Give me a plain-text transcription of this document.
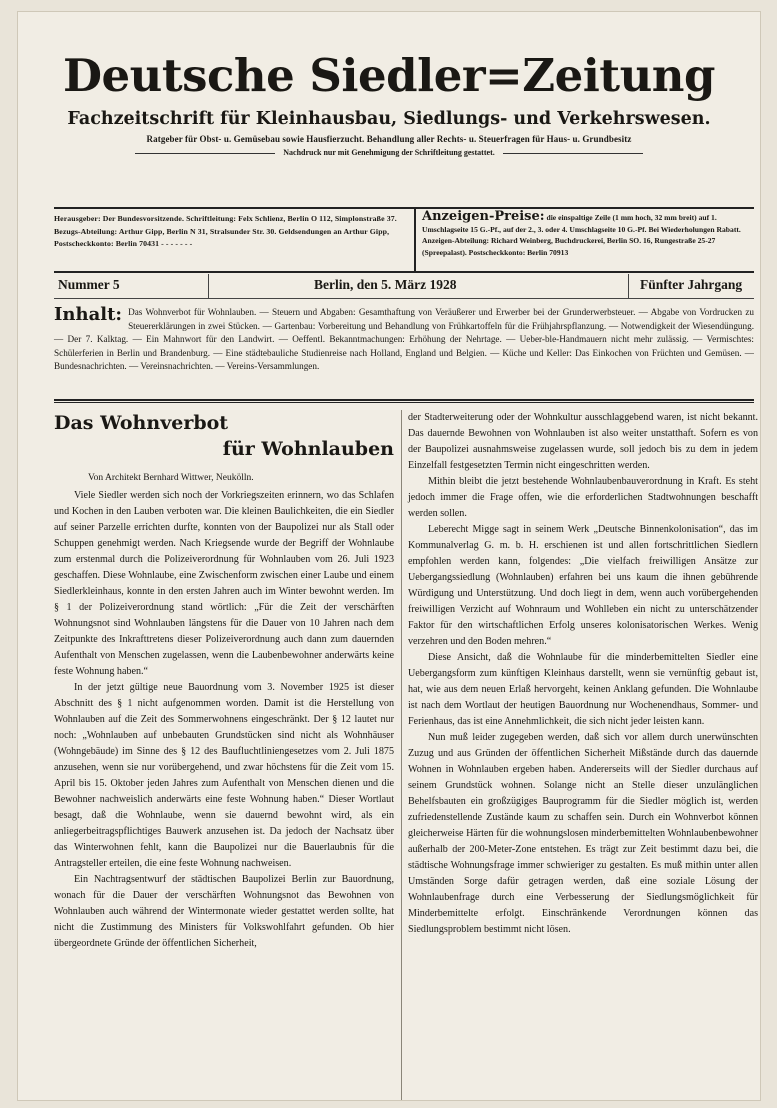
Deutsche Siedler=Zeitung
Fachzeitschrift für Kleinhausbau, Siedlungs- und Verkehrswesen.
Ratgeber für Obst- u. Gemüsebau sowie Hausfierzucht. Behandlung aller Rechts- u. Steuerfragen für Haus- u. Grundbesitz
Nachdruck nur mit Genehmigung der Schriftleitung gestattet.
Herausgeber: Der Bundesvorsitzende. Schriftleitung: Felx Schlienz, Berlin O 112, Simplonstraße 37. Bezugs-Abteilung: Arthur Gipp, Berlin N 31, Stralsunder Str. 30. Geldsendungen an Arthur Gipp, Postscheckkonto: Berlin 70431 - - - - - - -
Anzeigen-Preise: die einspaltige Zeile (1 mm hoch, 32 mm breit) auf 1. Umschlagseite 15 G.-Pf., auf der 2., 3. oder 4. Umschlagseite 10 G.-Pf. Bei Wiederholungen Rabatt. Anzeigen-Abteilung: Richard Weinberg, Buchdruckerei, Berlin SO. 16, Rungestraße 25-27 (Spreepalast). Postscheckkonto: Berlin 70913
Nummer 5	Berlin, den 5. März 1928	Fünfter Jahrgang
Inhalt: Das Wohnverbot für Wohnlauben. — Steuern und Abgaben: Gesamthaftung von Veräußerer und Erwerber bei der Grunderwerbsteuer. — Abgabe von Vordrucken zu Steuererklärungen in zwei Stücken. — Gartenbau: Vorbereitung und Behandlung von Frühkartoffeln für die Frühjahrspflanzung. — Notwendigkeit der Wiesendüngung. — Der 7. Kalktag. — Ein Mahnwort für den Landwirt. — Oeffentl. Bekanntmachungen: Erhöhung der Nehrtage. — Ueber-ble-Handmauern nicht mehr zulässig. — Vermischtes: Schülerferien in Berlin und Brandenburg. — Eine städtebauliche Studienreise nach Holland, England und Belgien. — Küche und Keller: Das Einkochen von Früchten und Gemüsen. — Bundesnachrichten. — Vereinsnachrichten. — Vereins-Versammlungen.

Das Wohnverbot

für Wohnlauben

Von Architekt Bernhard Wittwer, Neukölln.

Viele Siedler werden sich noch der Vorkriegszeiten erinnern, wo das Schlafen und Kochen in den Lauben verboten war. Die kleinen Baulichkeiten, die ein Siedler auf seiner Parzelle errichten durfte, konnten von der Baupolizei nur als Stall oder Schuppen genehmigt werden. Nach Kriegsende wurde der Begriff der Wohnlaube zum erstenmal durch die Polizeiverordnung für Wohnlauben vom 26. Juli 1923 geschaffen. Diese Wohnlaube, eine Zwischenform zwischen einer Laube und einem Siedlerkleinhaus, konnte in den ersten Jahren auch im Winter bewohnt werden. Im § 1 der Polizeiverordnung stand wörtlich: „Für die Zeit der verschärften Wohnungsnot sind Wohnlauben längstens für die Dauer von 10 Jahren nach dem Zeitpunkte des Inkrafttretens dieser Polizeiverordnung auch dann zum dauernden Aufenthalt von Menschen zugelassen, wenn die Laubenbewohner anderwärts keine feste Wohnung haben.“

In der jetzt gültige neue Bauordnung vom 3. November 1925 ist dieser Abschnitt des § 1 nicht aufgenommen worden. Damit ist die Herstellung von Wohnlauben auf die Zeit des Sommerwohnens eingeschränkt. Der § 12 lautet nur noch: „Wohnlauben auf unbebauten Grundstücken sind nicht als Wohnhäuser (Wohngebäude) im Sinne des § 12 des Baufluchtliniengesetzes vom 2. Juli 1875 anzusehen, wenn sie nur vorübergehend, und zwar höchstens für die Zeit vom 15. April bis 15. Oktober jeden Jahres zum Aufenthalt von Menschen dienen und die Bewohner nachweislich anderwärts eine feste Wohnung haben.“ Dieser Wortlaut besagt, daß die Wohnlaube, wenn sie dauernd bewohnt wird, als ein anliegerbeitragspflichtiges Bauwerk anzusehen ist. Da jedoch der Nachsatz über das Winterwohnen fehlt, kann die Baupolizei nur die Bauerlaubnis für die Antragsteller erteilen, die eine feste Wohnung nachweisen.

Ein Nachtragsentwurf der städtischen Baupolizei Berlin zur Bauordnung, wonach für die Dauer der verschärften Wohnungsnot das Bewohnen von Wohnlauben auch während der Wintermonate wieder gestattet werden sollte, hat nicht die Zustimmung des Ministers für Volkswohlfahrt gefunden. Ob hier übergeordnete Gründe der öffentlichen Sicherheit,

der Stadterweiterung oder der Wohnkultur ausschlaggebend waren, ist nicht bekannt. Das dauernde Bewohnen von Wohnlauben ist also weiter unstatthaft. Sofern es von der Baupolizei ausnahmsweise zugelassen wurde, soll jedoch bis zu dem in jedem Einzelfall festgesetzten Termin nicht eingeschritten werden.

Mithin bleibt die jetzt bestehende Wohnlaubenbauverordnung in Kraft. Es steht jedoch immer die Frage offen, wie die erforderlichen Stadtwohnungen beschafft werden sollen.

Leberecht Migge sagt in seinem Werk „Deutsche Binnenkolonisation“, das im Kommunalverlag G. m. b. H. erschienen ist und allen fortschrittlichen Siedlern empfohlen werden kann, folgendes: „Die vielfach freiwilligen Ansätze zur Uebergangssiedlung (Wohnlauben) erfahren bei uns kaum die ihnen gebührende Würdigung und Unterstützung. Und doch liegt in dem, wenn auch vorübergehenden freiwilligen Verzicht auf Wohnraum und Wohlleben ein nicht zu unterschätzender Faktor für den wirtschaftlichen Erfolg unseres kolonisatorischen Werkes. Wenig verzehren und den Boden mehren.“

Diese Ansicht, daß die Wohnlaube für die minderbemittelten Siedler eine Uebergangsform zum künftigen Kleinhaus darstellt, wenn sie vernünftig gebaut ist, hat, wie aus dem neuen Erlaß hervorgeht, keinen Anklang gefunden. Die Wohnlaube ist nach dem Wortlaut der heutigen Bauordnung nur Wochenendhaus, Sommer- und Ferienhaus, das ist eine Annehmlichkeit, die sich nicht jeder leisten kann.

Nun muß leider zugegeben werden, daß sich vor allem durch unerwünschten Zuzug und aus Gründen der öffentlichen Sicherheit Mißstände durch das dauernde Wohnen in Wohnlauben ergeben haben. Andererseits will der Siedler durchaus auf seinem Grundstück wohnen. Solange nicht an Stelle dieser unzulänglichen Behelfsbauten ein großzügiges Bauprogramm für die Siedler möglich ist, werden zufriedenstellende Zustände kaum zu schaffen sein. Durch ein Wohnverbot können gleicherweise Härten für die wohnungslosen minderbemittelten Wohnlaubenbewohner außerhalb der 200-Meter-Zone entstehen. Es trägt zur Zeit bestimmt dazu bei, die städtische Wohnungsfrage immer schwieriger zu gestalten. Es muß mithin unter allen Umständen Sorge dafür getragen werden, daß eine soziale Lösung der Wohnlaubenfrage durch eine Verbesserung der Siedlungsmöglichkeit für Minderbemittelte erfolgt. Einschränkende Verordnungen können das Siedlungsproblem bestimmt nicht lösen.
